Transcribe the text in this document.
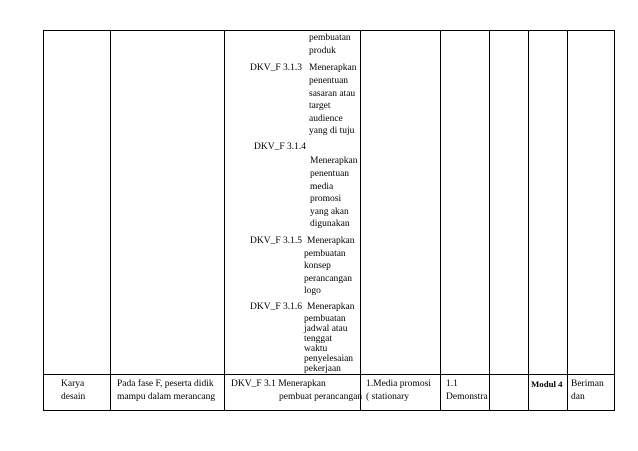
pembuatan
produk
DKV_F 3.1.3 Menerapkan
penentuan
sasaran atau
target
audience
yang di tuju
DKV_F 3.1.4
Menerapkan
penentuan
media
promosi
yang akan
digunakan
DKV_F 3.1.5 Menerapkan
pembuatan
konsep
perancangan
logo
DKV_F 3.1.6 Menerapkan
pembuatan
jadwal atau
tenggat
waktu
penyelesaian
Karya
desain
Pada fase F, peserta didik
mampu dalam merancang
DKV_F 3.1 Menerapkan
pembuat perancangan
1.Media promosi
( stationary
1.1
Demonstra
Modul 4 Beriman
dan
pekerjaan
